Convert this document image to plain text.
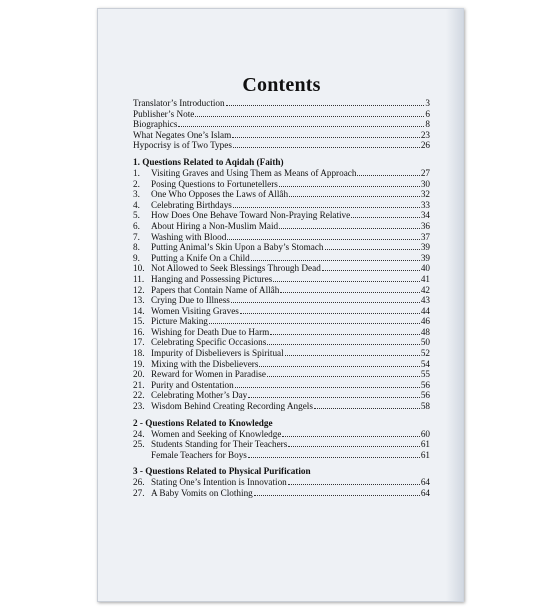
Contents
Translator’s Introduction	3
Publisher’s Note	6
Biographics	8
What Negates One’s Islam	23
Hypocrisy is of Two Types	26
1. Questions Related to Aqidah (Faith)
1.	Visiting Graves and Using Them as Means of Approach	27
2.	Posing Questions to Fortunetellers	30
3.	One Who Opposes the Laws of Allâh	32
4.	Celebrating Birthdays	33
5.	How Does One Behave Toward Non-Praying Relative	34
6.	About Hiring a Non-Muslim Maid	36
7.	Washing with Blood	37
8.	Putting Animal’s Skin Upon a Baby’s Stomach	39
9.	Putting a Knife On a Child	39
10. Not Allowed to Seek Blessings Through Dead	40
11. Hanging and Possessing Pictures	41
12. Papers that Contain Name of Allâh	42
13. Crying Due to Illness	43
14. Women Visiting Graves	44
15. Picture Making	46
16. Wishing for Death Due to Harm	48
17. Celebrating Specific Occasions	50
18. Impurity of Disbelievers is Spiritual	52
19. Mixing with the Disbelievers	54
20. Reward for Women in Paradise	55
21. Purity and Ostentation	56
22. Celebrating Mother’s Day	56
23. Wisdom Behind Creating Recording Angels	58
2 - Questions Related to Knowledge
24. Women and Seeking of Knowledge	60
25. Students Standing for Their Teachers	61
Female Teachers for Boys	61
3 - Questions Related to Physical Purification
26. Stating One’s Intention is Innovation	64
27. A Baby Vomits on Clothing	64
